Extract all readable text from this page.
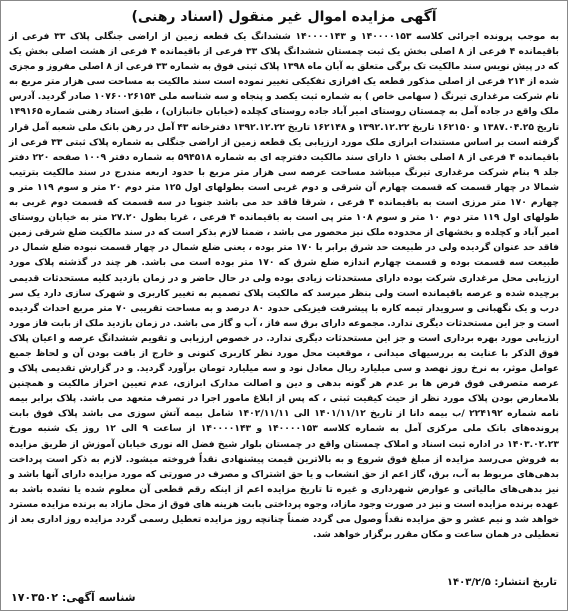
آگهی مزایده اموال غیر منقول (اسناد رهنی)
به موجب پرونده اجرائی کلاسه ۱۴۰۰۰۰۱۵۳ و ۱۴۰۰۰۰۱۴۳ ششدانگ یک قطعه زمین از اراضی جنگلی پلاک ۳۳ فرعی از باقیمانده ۴ فرعی از ۸ اصلی بخش یک ثبت چمستان ششدانگ پلاک ۳۳ فرعی از باقیمانده ۴ فرعی از هشت اصلی بخش یک که در پیش نویس سند مالکیت تک برگی متعلق به آبان ماه ۱۳۹۸ پلاک ثبتی فوق به شماره ۳۳ فرعی از ۸ اصلی مفروز و مجزی شده از ۲۱۴ فرعی از اصلی مذکور قطعه یک افرازی تفکیکی تغییر نموده است سند مالکیت به مساحت سی هزار متر مربع به نام شرکت مرغداری تیرنگ ( سهامی خاص ) به شماره ثبت یکصد و پنجاه و سه شناسه ملی ۱۰۷۶۰۰۲۶۱۵۴ صادر گردید. آدرس ملک واقع در جاده آمل به چمستان روستای امیر آباد جاده روستای کچلده (خیابان جانبازان) ، طبق اسناد رهنی شماره ۱۴۹۱۶۵ تاریخ ۱۳۸۷.۰۴.۲۵ و ۱۶۲۱۵۰ تاریخ ۱۳۹۲.۱۲.۲۲ و ۱۶۲۱۴۸ تاریخ ۱۳۹۲.۱۲.۲۲ دفترخانه ۴۳ آمل در رهن بانک ملی شعبه آمل قرار گرفته است بر اساس مستندات ابرازی ملک مورد ارزیابی یک قطعه زمین از اراضی جنگلی به شماره پلاک ثبتی ۳۳ فرعی از باقیمانده ۴ فرعی از ۸ اصلی بخش ۱ دارای سند مالکیت دفترچه ای به شماره ۵۹۴۵۱۸ به شماره دفتر ۱۰۰۹ صفحه ۲۲۰ دفتر جلد ۹ بنام شرکت مرغداری تیرنگ میباشد مساحت عرصه سی هزار متر مربع با حدود اربعه مندرج در سند مالکیت بترتیب شمالا در چهار قسمت که قسمت چهارم آن شرقی و دوم غربی است بطولهای اول ۱۲۵ متر دوم ۲۰ متر و سوم ۱۱۹ متر و چهارم ۱۷۰ متر مرزی است به باقیمانده ۴ فرعی ، شرقا فاقد حد می باشد جنوبا در سه قسمت که قسمت دوم غربی به طولهای اول ۱۱۹ متر دوم ۱۰ متر و سوم ۱۰۸ متر پی است به باقیمانده ۴ فرعی ، غربا بطول ۲۷.۲۰ متر به خیابان روستای امیر آباد و کچلده و بخشهای از محدوده ملک نیز محصور می باشد ، ضمنا لازم بذکر است که در سند مالکیت ضلع شرقی زمین فاقد حد عنوان گردیده ولی در طبیعت حد شرق برابر با ۱۷۰ متر بوده ، یعنی ضلع شمال در چهار قسمت نبوده ضلع شمال در طبیعت سه قسمت بوده و قسمت چهارم اندازه ضلع شرق که ۱۷۰ متر بوده است می باشد. هر چند در گذشته پلاک مورد ارزیابی محل مرغداری شرکت بوده دارای مستحدثات زیادی بوده ولی در حال حاضر و در زمان بازدید کلیه مستحدثات قدیمی برچیده شده و عرصه باقیمانده است ولی بنظر میرسد که مالکیت پلاک تصمیم به تغییر کاربری و شهرک سازی دارد یک سر درب و یک نگهبانی و سرویدار تیمه کاره با پیشرفت فیزیکی حدود ۸۰ درصد و به مساحت تقریبی ۷۰ متر مربع احداث گردیده است و جز این مستحدثات دیگری ندارد. مجموعه دارای برق سه فاز ، آب و گاز می باشد. در زمان بازدید ملک از بابت فاز مورد ارزیابی مورد بهره برداری است و جز این مستحدثات دیگری ندارد. در خصوص ارزیابی و تقویم ششدانگ عرصه و اعیان پلاک فوق الذکر با عنایت به بررسیهای میدانی ، موقعیت محل مورد نظر کاربری کنونی و خارج از بافت بودن آن و لحاظ جمیع عوامل موثر، به نرخ روز نهصد و سی میلیارد ریال معادل نود و سه میلیارد تومان برآورد گردید. و در گزارش تقدیمی پلاک و عرصه متصرفی فوق فرض ها بر عدم هر گونه بدهی و دین و اصالت مدارک ابرازی، عدم تعیین احراز مالکیت و همچنین بلامعارض بودن پلاک مورد نظر از حیث کیفیت ثبتی ، که پس از ابلاغ مامور اجرا در تصرف متعهد می باشد. پلاک برابر بیمه نامه شماره ۲۲۴۱۹۲ /ب بیمه دانا از تاریخ ۱۴۰۱/۱۱/۱۲ الی ۱۴۰۲/۱۱/۱۱ شامل بیمه آتش سوزی می باشد پلاک فوق بابت پرونده‌های بانک ملی مرکزی آمل به شماره کلاسه ۱۴۰۰۰۰۱۵۳ و ۱۴۰۰۰۰۱۴۳ از ساعت ۹ الی ۱۲ روز یک شنبه مورخ ۱۴۰۳.۰۲.۲۳ در اداره ثبت اسناد و املاک چمستان واقع در چمستان بلوار شیخ فضل اله نوری خیابان آموزش از طریق مزایده به فروش می‌رسد مزایده از مبلغ فوق شروع و به بالاترین قیمت پیشنهادی نقداً فروخته میشود. لازم به ذکر است پرداخت بدهی‌های مربوط به آب، برق، گاز اعم از حق انشعاب و یا حق اشتراک و مصرف در صورتی که مورد مزایده دارای آنها باشد و نیز بدهی‌های مالیاتی و عوارض شهرداری و غیره تا تاریخ مزایده اعم از اینکه رقم قطعی آن معلوم شده یا نشده باشد به عهده برنده مزایده است و نیز در صورت وجود مازاد، وجوه پرداختی بابت هزینه های فوق از محل مازاد به برنده مزایده مسترد خواهد شد و نیم عشر و حق مزایده نقداً وصول می گردد ضمناً چنانچه روز مزایده تعطیل رسمی گردد مزایده روز اداری بعد از تعطیلی در همان ساعت و مکان مقرر برگزار خواهد شد.
تاریخ انتشار: ۱۴۰۳/۲/۵
شناسه آگهی: ۱۷۰۳۵۰۲
